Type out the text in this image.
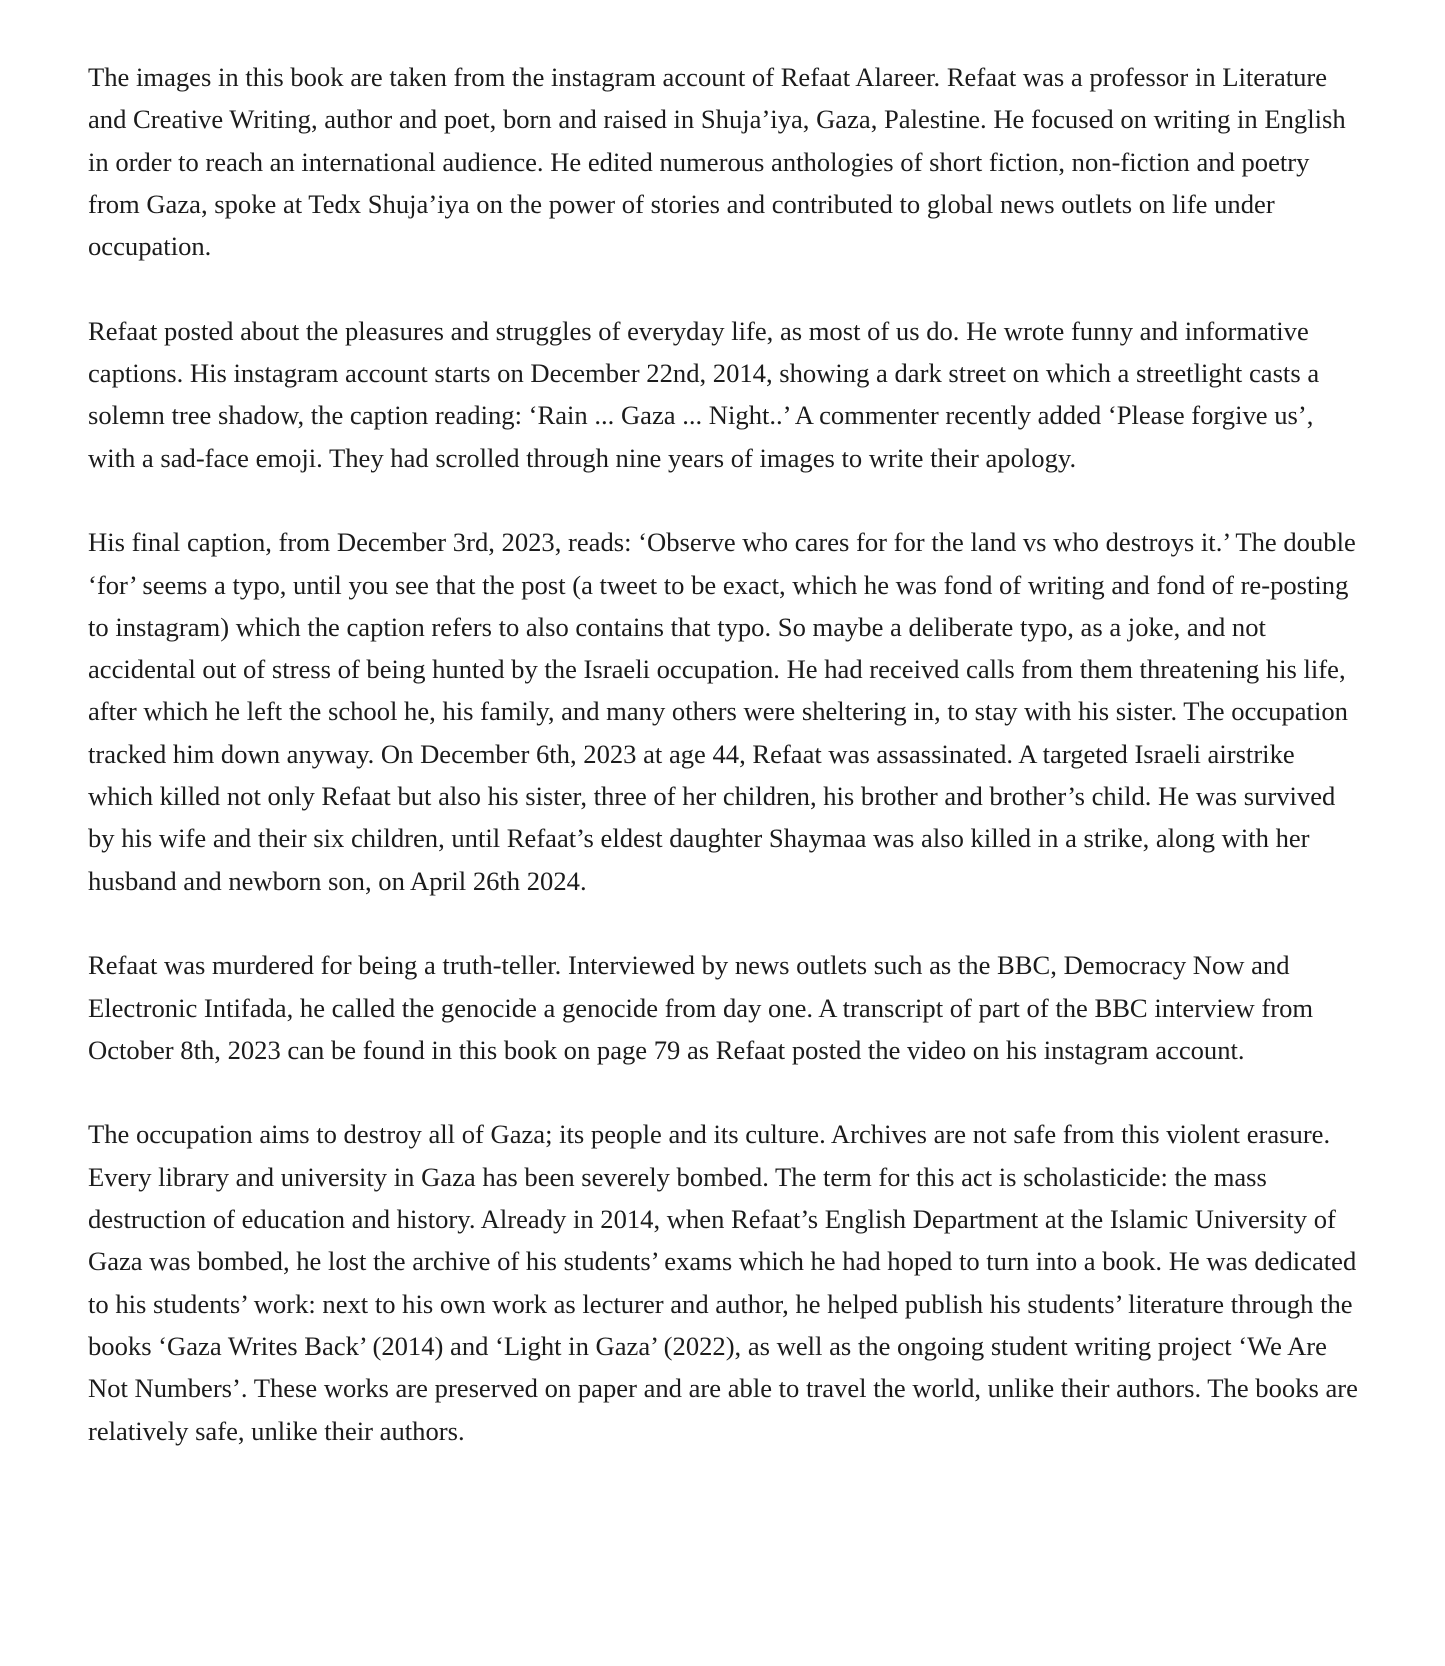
The images in this book are taken from the instagram account of Refaat Alareer. Refaat was a professor in Literature and Creative Writing, author and poet, born and raised in Shuja’iya, Gaza, Palestine. He focused on writing in English in order to reach an international audience. He edited numerous anthologies of short fiction, non-fiction and poetry from Gaza, spoke at Tedx Shuja’iya on the power of stories and contributed to global news outlets on life under occupation.

Refaat posted about the pleasures and struggles of everyday life, as most of us do. He wrote funny and informative captions. His instagram account starts on December 22nd, 2014, showing a dark street on which a streetlight casts a solemn tree shadow, the caption reading: ‘Rain ... Gaza ... Night..’ A commenter recently added ‘Please forgive us’, with a sad-face emoji. They had scrolled through nine years of images to write their apology.

His final caption, from December 3rd, 2023, reads: ‘Observe who cares for for the land vs who destroys it.’ The double ‘for’ seems a typo, until you see that the post (a tweet to be exact, which he was fond of writing and fond of re-posting to instagram) which the caption refers to also contains that typo. So maybe a deliberate typo, as a joke, and not accidental out of stress of being hunted by the Israeli occupation. He had received calls from them threatening his life, after which he left the school he, his family, and many others were sheltering in, to stay with his sister. The occupation tracked him down anyway. On December 6th, 2023 at age 44, Refaat was assassinated. A targeted Israeli airstrike which killed not only Refaat but also his sister, three of her children, his brother and brother’s child. He was survived by his wife and their six children, until Refaat’s eldest daughter Shaymaa was also killed in a strike, along with her husband and newborn son, on April 26th 2024.

Refaat was murdered for being a truth-teller. Interviewed by news outlets such as the BBC, Democracy Now and Electronic Intifada, he called the genocide a genocide from day one. A transcript of part of the BBC interview from October 8th, 2023 can be found in this book on page 79 as Refaat posted the video on his instagram account.

The occupation aims to destroy all of Gaza; its people and its culture. Archives are not safe from this violent erasure. Every library and university in Gaza has been severely bombed. The term for this act is scholasticide: the mass destruction of education and history. Already in 2014, when Refaat’s English Department at the Islamic University of Gaza was bombed, he lost the archive of his students’ exams which he had hoped to turn into a book. He was dedicated to his students’ work: next to his own work as lecturer and author, he helped publish his students’ literature through the books ‘Gaza Writes Back’ (2014) and ‘Light in Gaza’ (2022), as well as the ongoing student writing project ‘We Are Not Numbers’. These works are preserved on paper and are able to travel the world, unlike their authors. The books are relatively safe, unlike their authors.
